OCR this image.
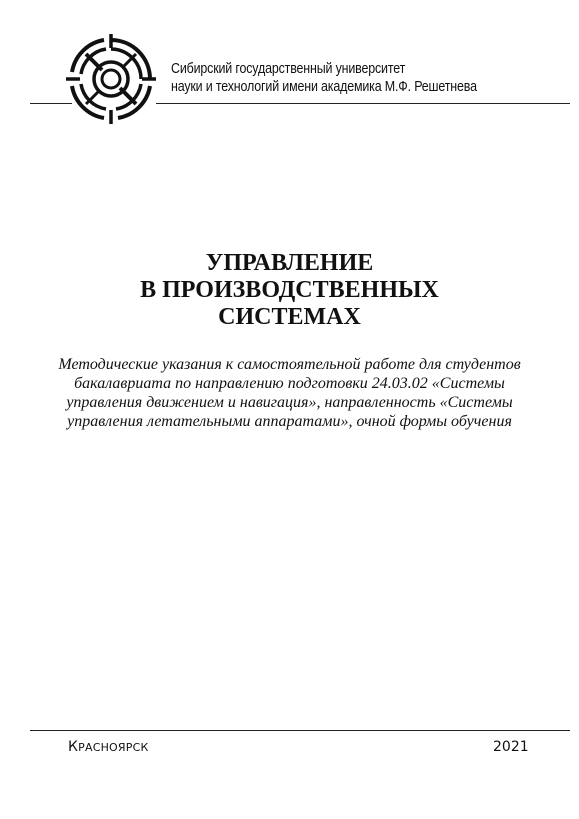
Сибирский государственный университет
науки и технологий имени академика М.Ф. Решетнева
УПРАВЛЕНИЕ
В ПРОИЗВОДСТВЕННЫХ
СИСТЕМАХ
Методические указания к самостоятельной работе для студентов
бакалавриата по направлению подготовки 24.03.02 «Системы
управления движением и навигация», направленность «Системы
управления летательными аппаратами», очной формы обучения
КРАСНОЯРСК	2021
